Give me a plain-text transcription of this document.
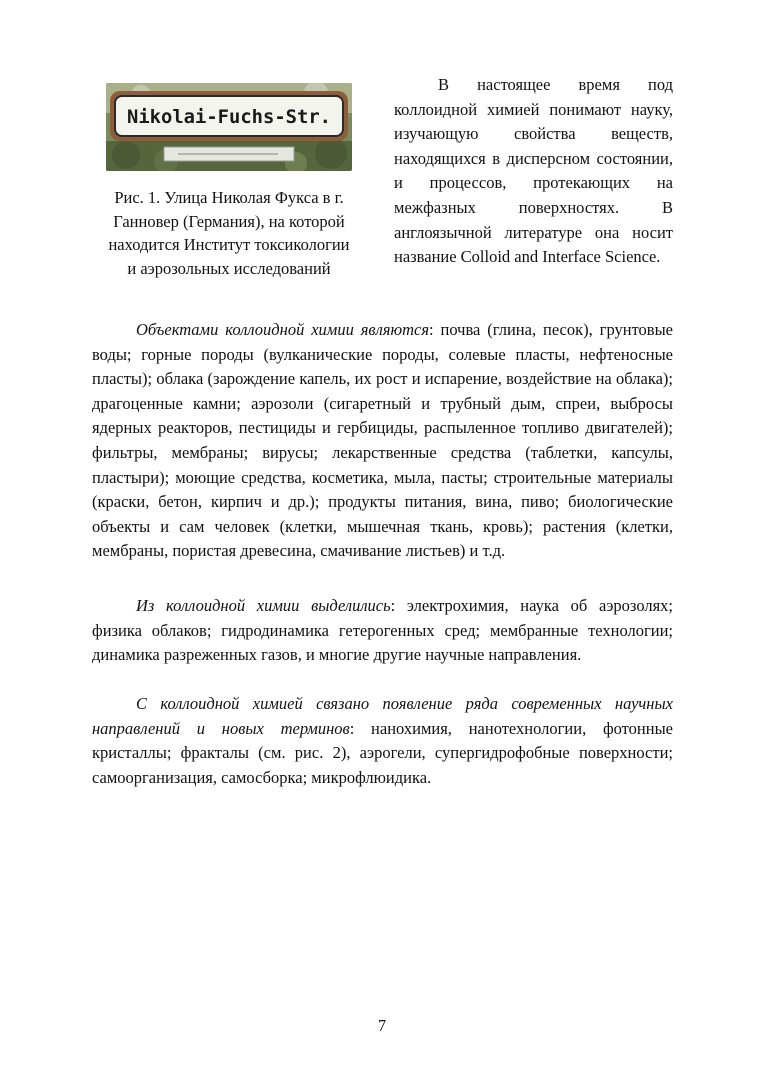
Nikolai-Fuchs-Str.
Рис. 1. Улица Николая Фукса в г. Ганновер (Германия), на которой находится Институт токсикологии и аэрозольных исследований
В настоящее время под коллоидной химией понимают науку, изучающую свойства веществ, находящихся в дисперсном состоянии, и процессов, протекающих на межфазных поверхностях. В англоязычной литературе она носит название Colloid and Interface Science.

Объектами коллоидной химии являются: почва (глина, песок), грунтовые воды; горные породы (вулканические породы, солевые пласты, нефтеносные пласты); облака (зарождение капель, их рост и испарение, воздействие на облака); драгоценные камни; аэрозоли (сигаретный и трубный дым, спреи, выбросы ядерных реакторов, пестициды и гербициды, распыленное топливо двигателей); фильтры, мембраны; вирусы; лекарственные средства (таблетки, капсулы, пластыри); моющие средства, косметика, мыла, пасты; строительные материалы (краски, бетон, кирпич и др.); продукты питания, вина, пиво; биологические объекты и сам человек (клетки, мышечная ткань, кровь); растения (клетки, мембраны, пористая древесина, смачивание листьев) и т.д.

Из коллоидной химии выделились: электрохимия, наука об аэрозолях; физика облаков; гидродинамика гетерогенных сред; мембранные технологии; динамика разреженных газов, и многие другие научные направления.

С коллоидной химией связано появление ряда современных научных направлений и новых терминов: нанохимия, нанотехнологии, фотонные кристаллы; фракталы (см. рис. 2), аэрогели, супергидрофобные поверхности; самоорганизация, самосборка; микрофлюидика.

7
